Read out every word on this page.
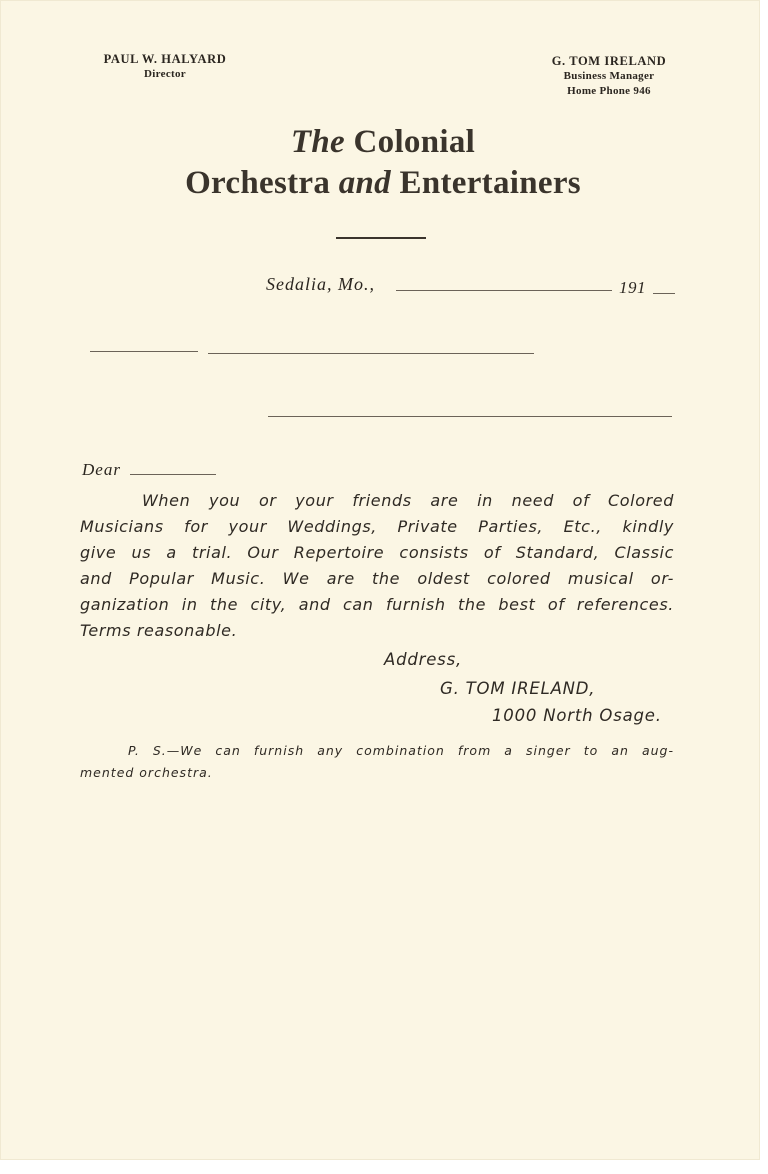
PAUL W. HALYARD
Director
G. TOM IRELAND
Business Manager
Home Phone 946
The Colonial
Orchestra and Entertainers
Sedalia, Mo.,	191
Dear
When you or your friends are in need of Colored
Musicians for your Weddings, Private Parties, Etc., kindly
give us a trial. Our Repertoire consists of Standard, Classic
and Popular Music. We are the oldest colored musical or-
ganization in the city, and can furnish the best of references.
Terms reasonable.
Address,
G. TOM IRELAND,
1000 North Osage.
P. S.—We can furnish any combination from a singer to an aug-
mented orchestra.
